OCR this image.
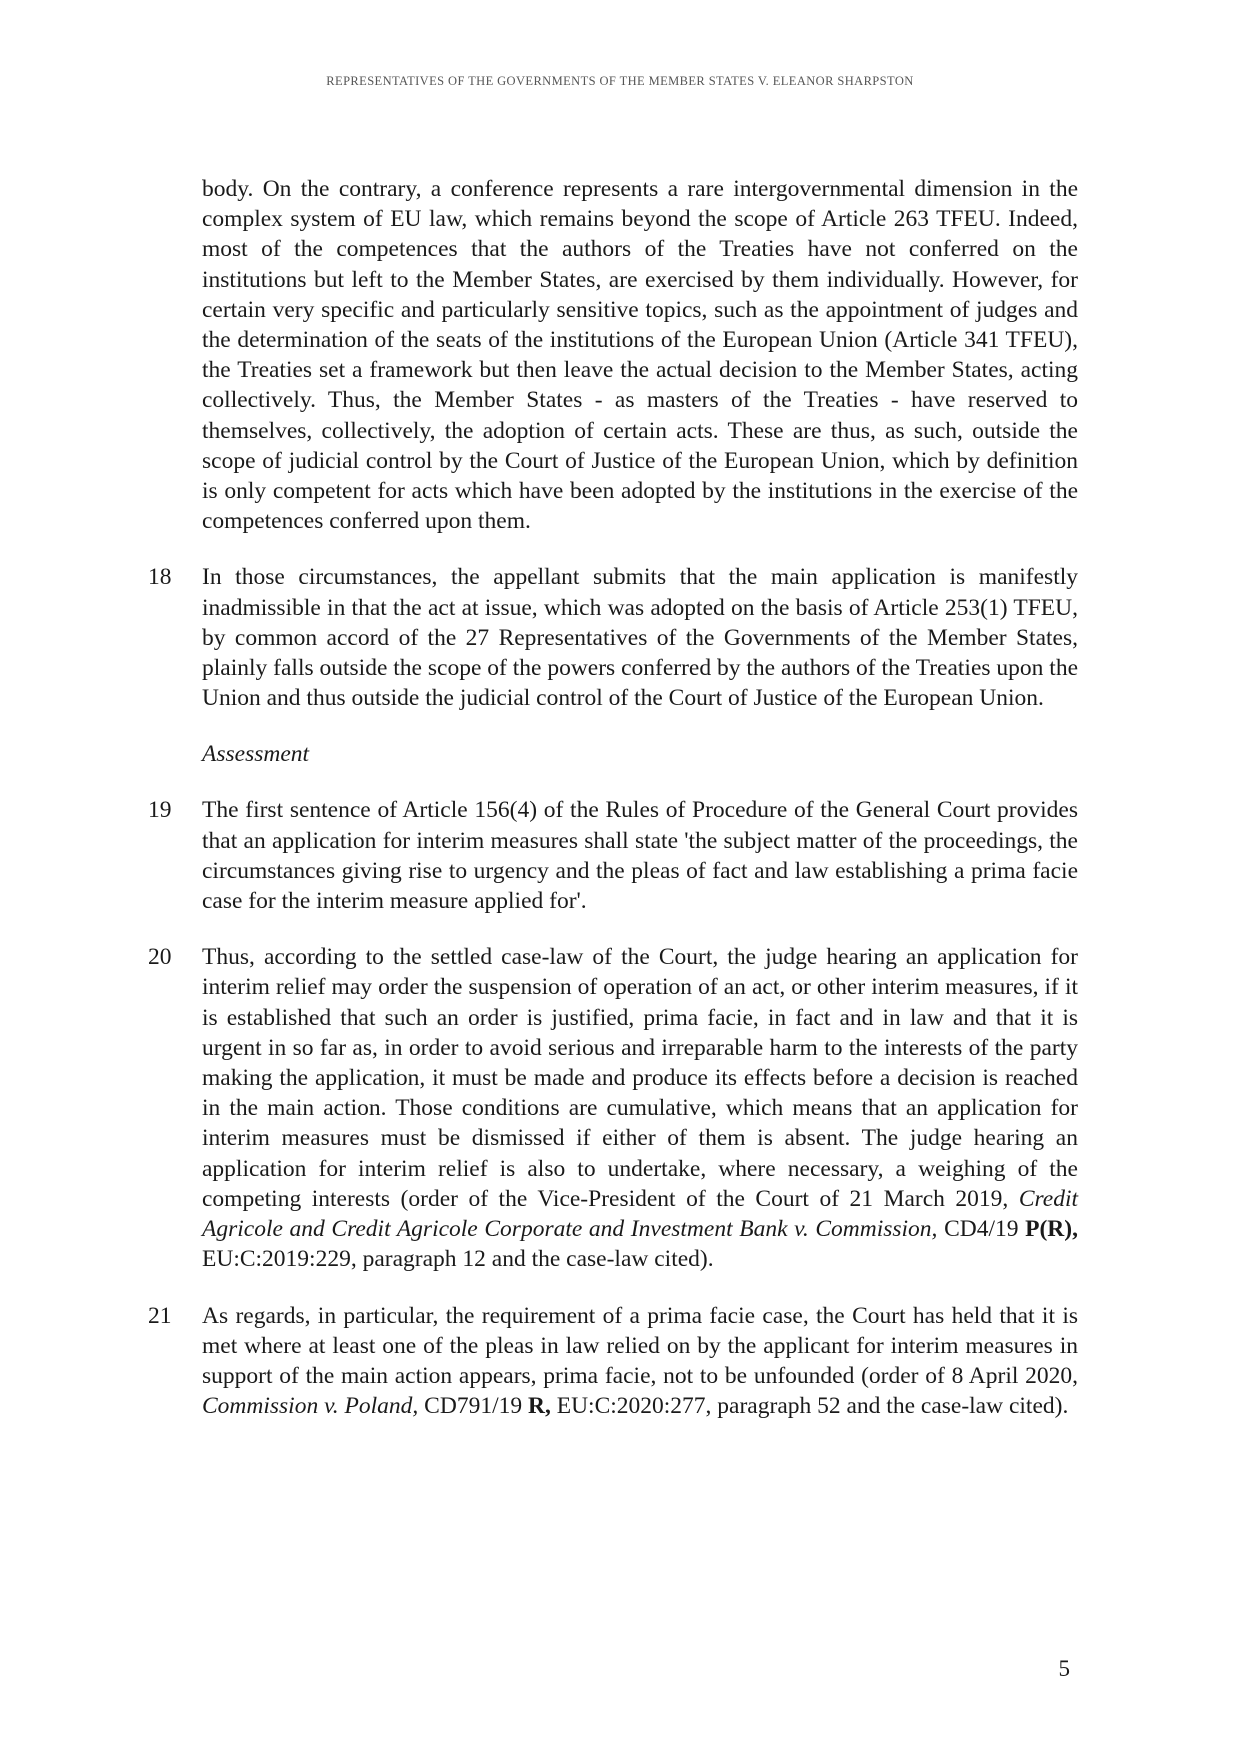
REPRESENTATIVES OF THE GOVERNMENTS OF THE MEMBER STATES V. ELEANOR SHARPSTON
body. On the contrary, a conference represents a rare intergovernmental dimension in the complex system of EU law, which remains beyond the scope of Article 263 TFEU. Indeed, most of the competences that the authors of the Treaties have not conferred on the institutions but left to the Member States, are exercised by them individually. However, for certain very specific and particularly sensitive topics, such as the appointment of judges and the determination of the seats of the institutions of the European Union (Article 341 TFEU), the Treaties set a framework but then leave the actual decision to the Member States, acting collectively. Thus, the Member States - as masters of the Treaties - have reserved to themselves, collectively, the adoption of certain acts. These are thus, as such, outside the scope of judicial control by the Court of Justice of the European Union, which by definition is only competent for acts which have been adopted by the institutions in the exercise of the competences conferred upon them.
18 In those circumstances, the appellant submits that the main application is manifestly inadmissible in that the act at issue, which was adopted on the basis of Article 253(1) TFEU, by common accord of the 27 Representatives of the Governments of the Member States, plainly falls outside the scope of the powers conferred by the authors of the Treaties upon the Union and thus outside the judicial control of the Court of Justice of the European Union.
Assessment
19 The first sentence of Article 156(4) of the Rules of Procedure of the General Court provides that an application for interim measures shall state 'the subject matter of the proceedings, the circumstances giving rise to urgency and the pleas of fact and law establishing a prima facie case for the interim measure applied for'.
20 Thus, according to the settled case-law of the Court, the judge hearing an application for interim relief may order the suspension of operation of an act, or other interim measures, if it is established that such an order is justified, prima facie, in fact and in law and that it is urgent in so far as, in order to avoid serious and irreparable harm to the interests of the party making the application, it must be made and produce its effects before a decision is reached in the main action. Those conditions are cumulative, which means that an application for interim measures must be dismissed if either of them is absent. The judge hearing an application for interim relief is also to undertake, where necessary, a weighing of the competing interests (order of the Vice-President of the Court of 21 March 2019, Credit Agricole and Credit Agricole Corporate and Investment Bank v. Commission, CD4/19 P(R), EU:C:2019:229, paragraph 12 and the case-law cited).
21 As regards, in particular, the requirement of a prima facie case, the Court has held that it is met where at least one of the pleas in law relied on by the applicant for interim measures in support of the main action appears, prima facie, not to be unfounded (order of 8 April 2020, Commission v. Poland, CD791/19 R, EU:C:2020:277, paragraph 52 and the case-law cited).
5
